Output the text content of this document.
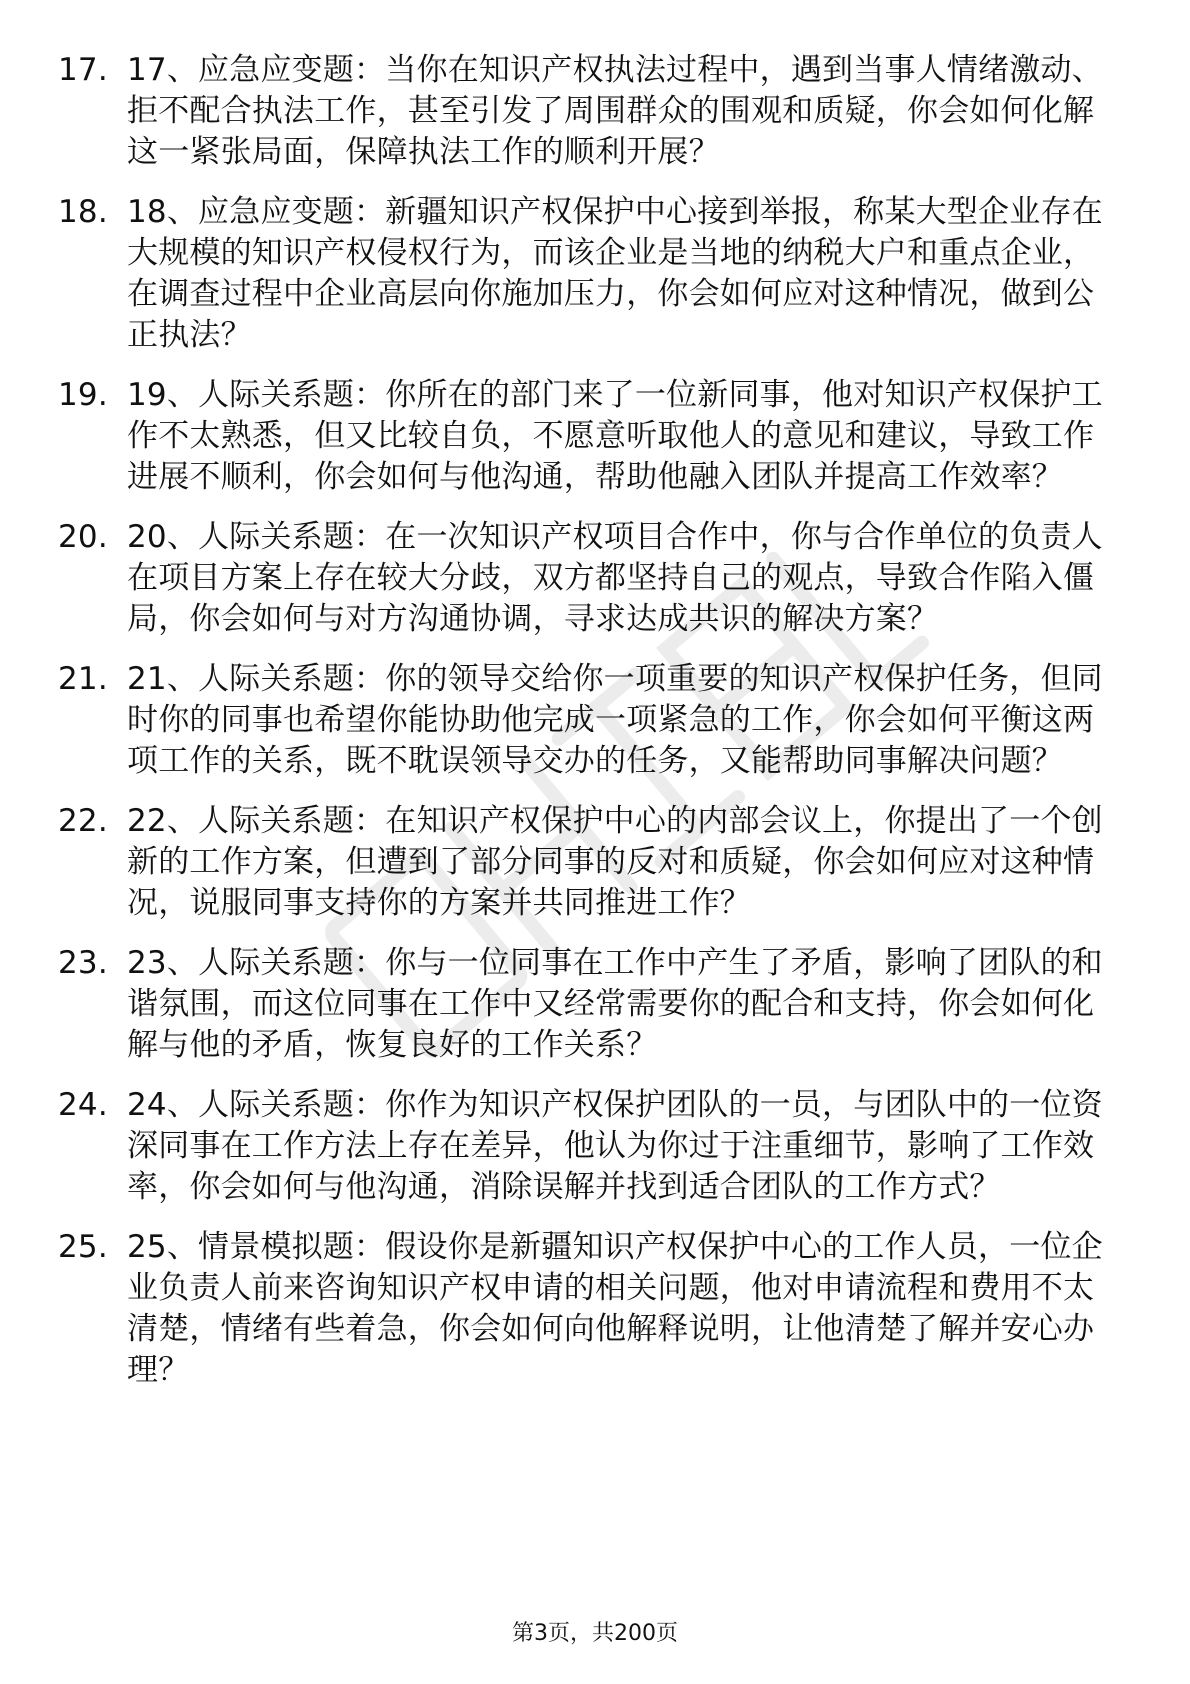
17. 17、应急应变题：当你在知识产权执法过程中，遇到当事人情绪激动、拒不配合执法工作，甚至引发了周围群众的围观和质疑，你会如何化解这一紧张局面，保障执法工作的顺利开展？
18. 18、应急应变题：新疆知识产权保护中心接到举报，称某大型企业存在大规模的知识产权侵权行为，而该企业是当地的纳税大户和重点企业，在调查过程中企业高层向你施加压力，你会如何应对这种情况，做到公正执法？
19. 19、人际关系题：你所在的部门来了一位新同事，他对知识产权保护工作不太熟悉，但又比较自负，不愿意听取他人的意见和建议，导致工作进展不顺利，你会如何与他沟通，帮助他融入团队并提高工作效率？
20. 20、人际关系题：在一次知识产权项目合作中，你与合作单位的负责人在项目方案上存在较大分歧，双方都坚持自己的观点，导致合作陷入僵局，你会如何与对方沟通协调，寻求达成共识的解决方案？
21. 21、人际关系题：你的领导交给你一项重要的知识产权保护任务，但同时你的同事也希望你能协助他完成一项紧急的工作，你会如何平衡这两项工作的关系，既不耽误领导交办的任务，又能帮助同事解决问题？
22. 22、人际关系题：在知识产权保护中心的内部会议上，你提出了一个创新的工作方案，但遭到了部分同事的反对和质疑，你会如何应对这种情况，说服同事支持你的方案并共同推进工作？
23. 23、人际关系题：你与一位同事在工作中产生了矛盾，影响了团队的和谐氛围，而这位同事在工作中又经常需要你的配合和支持，你会如何化解与他的矛盾，恢复良好的工作关系？
24. 24、人际关系题：你作为知识产权保护团队的一员，与团队中的一位资深同事在工作方法上存在差异，他认为你过于注重细节，影响了工作效率，你会如何与他沟通，消除误解并找到适合团队的工作方式？
25. 25、情景模拟题：假设你是新疆知识产权保护中心的工作人员，一位企业负责人前来咨询知识产权申请的相关问题，他对申请流程和费用不太清楚，情绪有些着急，你会如何向他解释说明，让他清楚了解并安心办理？
第3页，共200页
